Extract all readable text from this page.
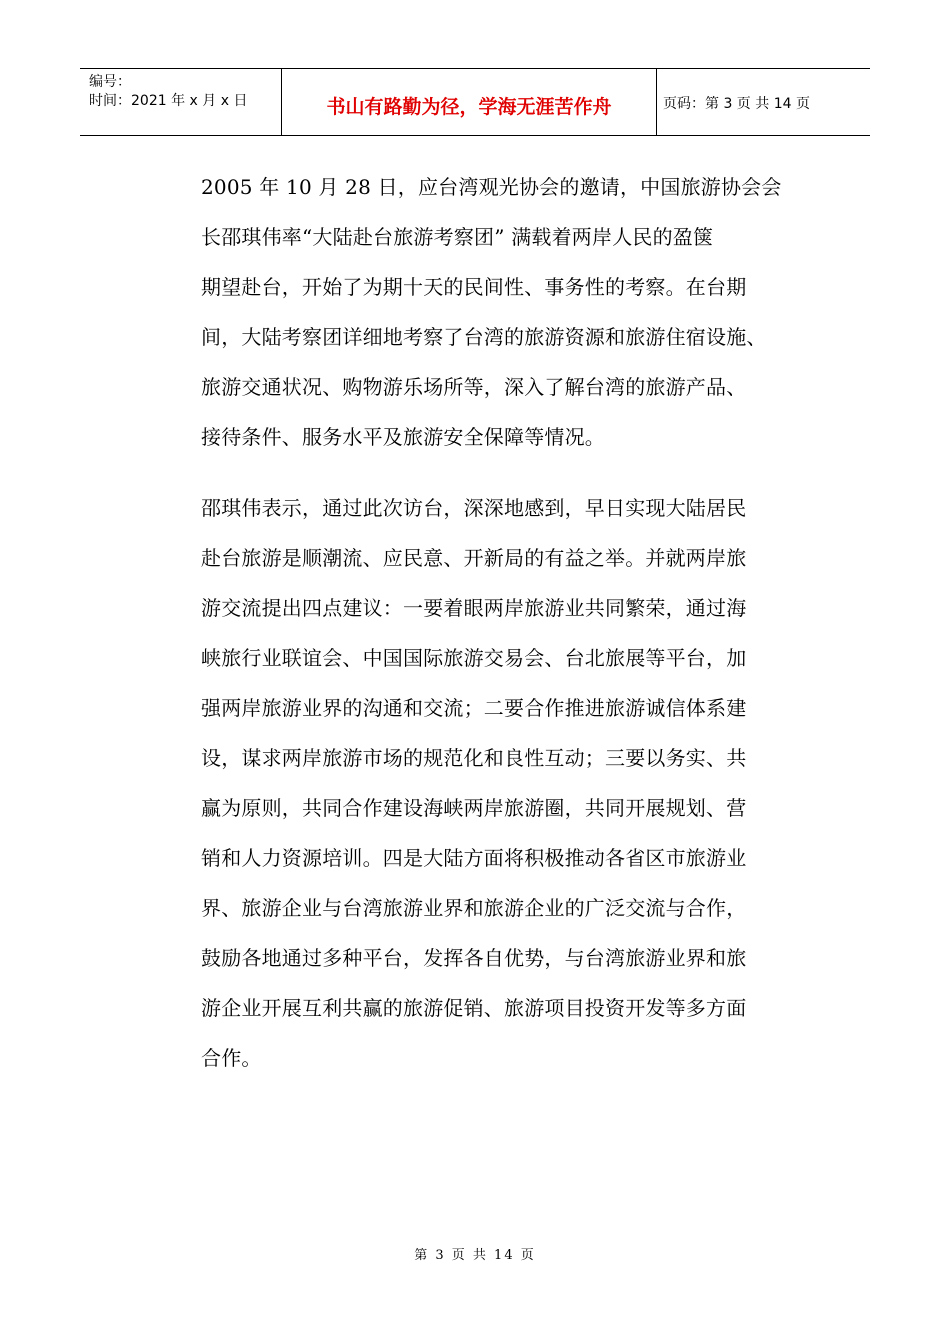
编号：
时间：2021 年 x 月 x 日	书山有路勤为径，学海无涯苦作舟	页码：第 3 页 共 14 页
2005 年 10 月 28 日，应台湾观光协会的邀请，中国旅游协会会
长邵琪伟率“大陆赴台旅游考察团” 满载着两岸人民的盈箧
期望赴台，开始了为期十天的民间性、事务性的考察。在台期
间，大陆考察团详细地考察了台湾的旅游资源和旅游住宿设施、
旅游交通状况、购物游乐场所等，深入了解台湾的旅游产品、
接待条件、服务水平及旅游安全保障等情况。
邵琪伟表示，通过此次访台，深深地感到，早日实现大陆居民
赴台旅游是顺潮流、应民意、开新局的有益之举。并就两岸旅
游交流提出四点建议：一要着眼两岸旅游业共同繁荣，通过海
峡旅行业联谊会、中国国际旅游交易会、台北旅展等平台，加
强两岸旅游业界的沟通和交流；二要合作推进旅游诚信体系建
设，谋求两岸旅游市场的规范化和良性互动；三要以务实、共
赢为原则，共同合作建设海峡两岸旅游圈，共同开展规划、营
销和人力资源培训。四是大陆方面将积极推动各省区市旅游业
界、旅游企业与台湾旅游业界和旅游企业的广泛交流与合作，
鼓励各地通过多种平台，发挥各自优势，与台湾旅游业界和旅
游企业开展互利共赢的旅游促销、旅游项目投资开发等多方面
合作。
第 3 页 共 14 页
